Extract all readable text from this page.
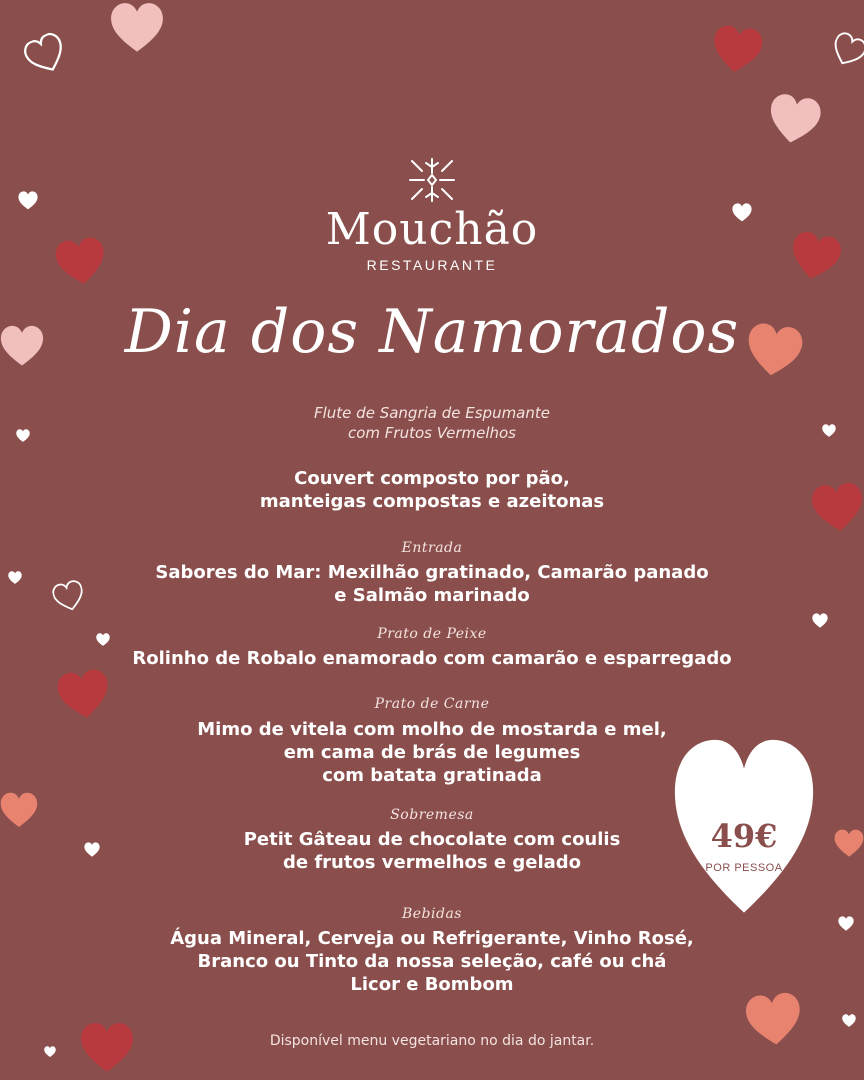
Mouchão
RESTAURANTE
Dia dos Namorados
Flute de Sangria de Espumante
com Frutos Vermelhos
Couvert composto por pão,
manteigas compostas e azeitonas
Entrada
Sabores do Mar: Mexilhão gratinado, Camarão panado
e Salmão marinado
Prato de Peixe
Rolinho de Robalo enamorado com camarão e esparregado
Prato de Carne
Mimo de vitela com molho de mostarda e mel,
em cama de brás de legumes
com batata gratinada
Sobremesa
Petit Gâteau de chocolate com coulis
de frutos vermelhos e gelado
Bebidas
Água Mineral, Cerveja ou Refrigerante, Vinho Rosé,
Branco ou Tinto da nossa seleção, café ou chá
Licor e Bombom
Disponível menu vegetariano no dia do jantar.
49€
POR PESSOA
